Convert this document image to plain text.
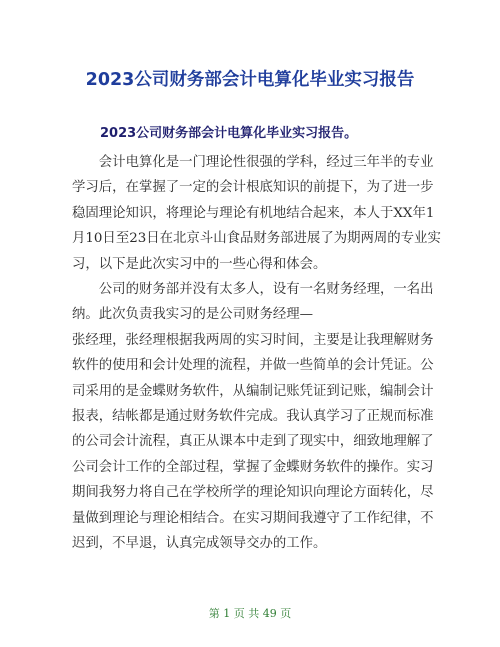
2023公司财务部会计电算化毕业实习报告
2023公司财务部会计电算化毕业实习报告。

会计电算化是一门理论性很强的学科，经过三年半的专业
学习后，在掌握了一定的会计根底知识的前提下，为了进一步
稳固理论知识，将理论与理论有机地结合起来，本人于XX年1
月10日至23日在北京斗山食品财务部进展了为期两周的专业实
习，以下是此次实习中的一些心得和体会。

公司的财务部并没有太多人，设有一名财务经理，一名出
纳。此次负责我实习的是公司财务经理—
张经理，张经理根据我两周的实习时间，主要是让我理解财务
软件的使用和会计处理的流程，并做一些简单的会计凭证。公
司采用的是金蝶财务软件，从编制记账凭证到记账，编制会计
报表，结帐都是通过财务软件完成。我认真学习了正规而标准
的公司会计流程，真正从课本中走到了现实中，细致地理解了
公司会计工作的全部过程，掌握了金蝶财务软件的操作。实习
期间我努力将自己在学校所学的理论知识向理论方面转化，尽
量做到理论与理论相结合。在实习期间我遵守了工作纪律，不
迟到，不早退，认真完成领导交办的工作。

第 1 页 共 49 页
